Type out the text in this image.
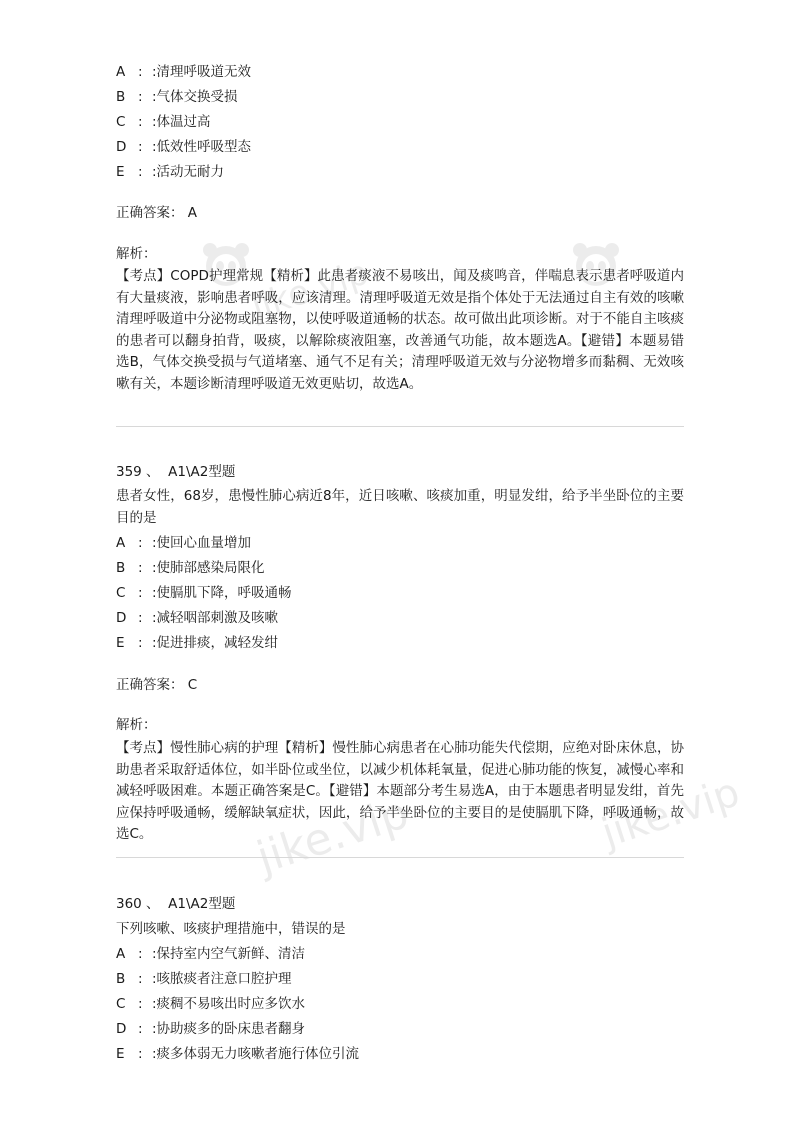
jike.vip
jike.vip	jike.vip
A : :清理呼吸道无效
B : :气体交换受损
C : :体温过高
D : :低效性呼吸型态
E : :活动无耐力
正确答案： A
解析：
【考点】COPD护理常规【精析】此患者痰液不易咳出，闻及痰鸣音，伴喘息表示患者呼吸道内有大量痰液，影响患者呼吸，应该清理。清理呼吸道无效是指个体处于无法通过自主有效的咳嗽清理呼吸道中分泌物或阻塞物，以使呼吸道通畅的状态。故可做出此项诊断。对于不能自主咳痰的患者可以翻身拍背，吸痰，以解除痰液阻塞，改善通气功能，故本题选A。【避错】本题易错选B，气体交换受损与气道堵塞、通气不足有关；清理呼吸道无效与分泌物增多而黏稠、无效咳嗽有关，本题诊断清理呼吸道无效更贴切，故选A。
359 、 A1\A2型题
患者女性，68岁，患慢性肺心病近8年，近日咳嗽、咳痰加重，明显发绀，给予半坐卧位的主要目的是
A : :使回心血量增加
B : :使肺部感染局限化
C : :使膈肌下降，呼吸通畅
D : :减轻咽部刺激及咳嗽
E : :促进排痰，减轻发绀
正确答案： C
解析：
【考点】慢性肺心病的护理【精析】慢性肺心病患者在心肺功能失代偿期，应绝对卧床休息，协助患者采取舒适体位，如半卧位或坐位，以减少机体耗氧量，促进心肺功能的恢复，减慢心率和减轻呼吸困难。本题正确答案是C。【避错】本题部分考生易选A，由于本题患者明显发绀，首先应保持呼吸通畅，缓解缺氧症状，因此，给予半坐卧位的主要目的是使膈肌下降，呼吸通畅，故选C。
360 、 A1\A2型题
下列咳嗽、咳痰护理措施中，错误的是
A : :保持室内空气新鲜、清洁
B : :咳脓痰者注意口腔护理
C : :痰稠不易咳出时应多饮水
D : :协助痰多的卧床患者翻身
E : :痰多体弱无力咳嗽者施行体位引流
